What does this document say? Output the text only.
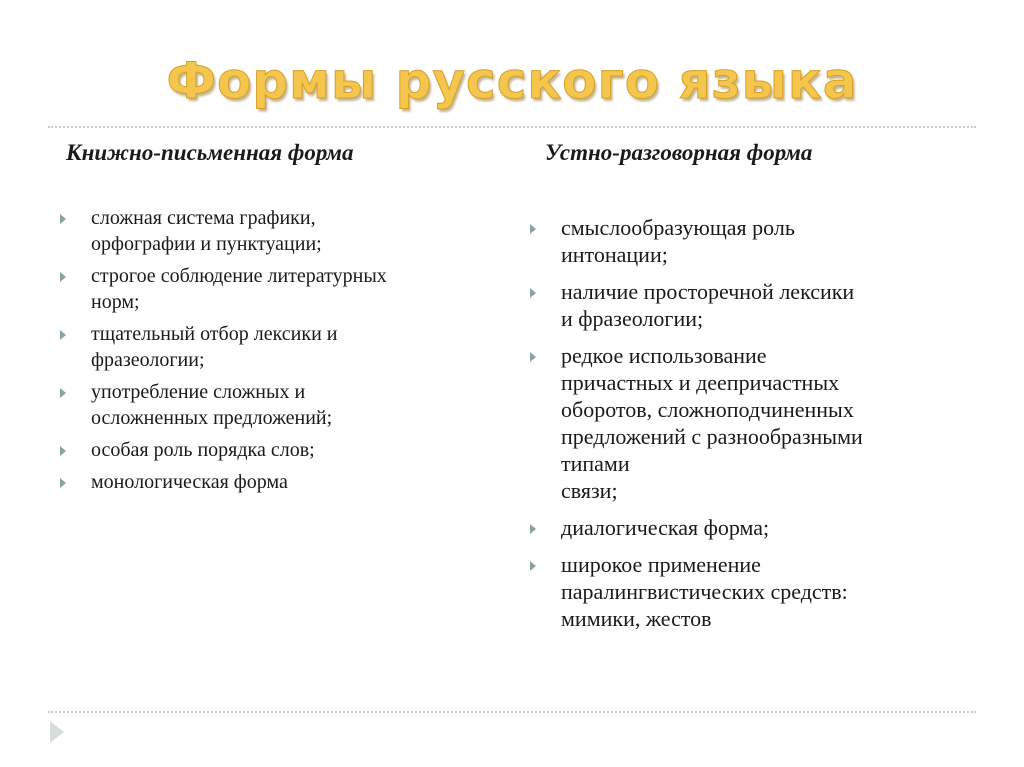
Формы русского языка
Книжно-письменная форма	Устно-разговорная форма
сложная система графики,
орфографии и пунктуации;
строгое соблюдение литературных
норм;
тщательный отбор лексики и
фразеологии;
употребление сложных и
осложненных предложений;
особая роль порядка слов;
монологическая форма
смыслообразующая роль
интонации;
наличие просторечной лексики
и фразеологии;
редкое использование
причастных и деепричастных
оборотов, сложноподчиненных
предложений с разнообразными
типами
связи;
диалогическая форма;
широкое применение
паралингвистических средств:
мимики, жестов
